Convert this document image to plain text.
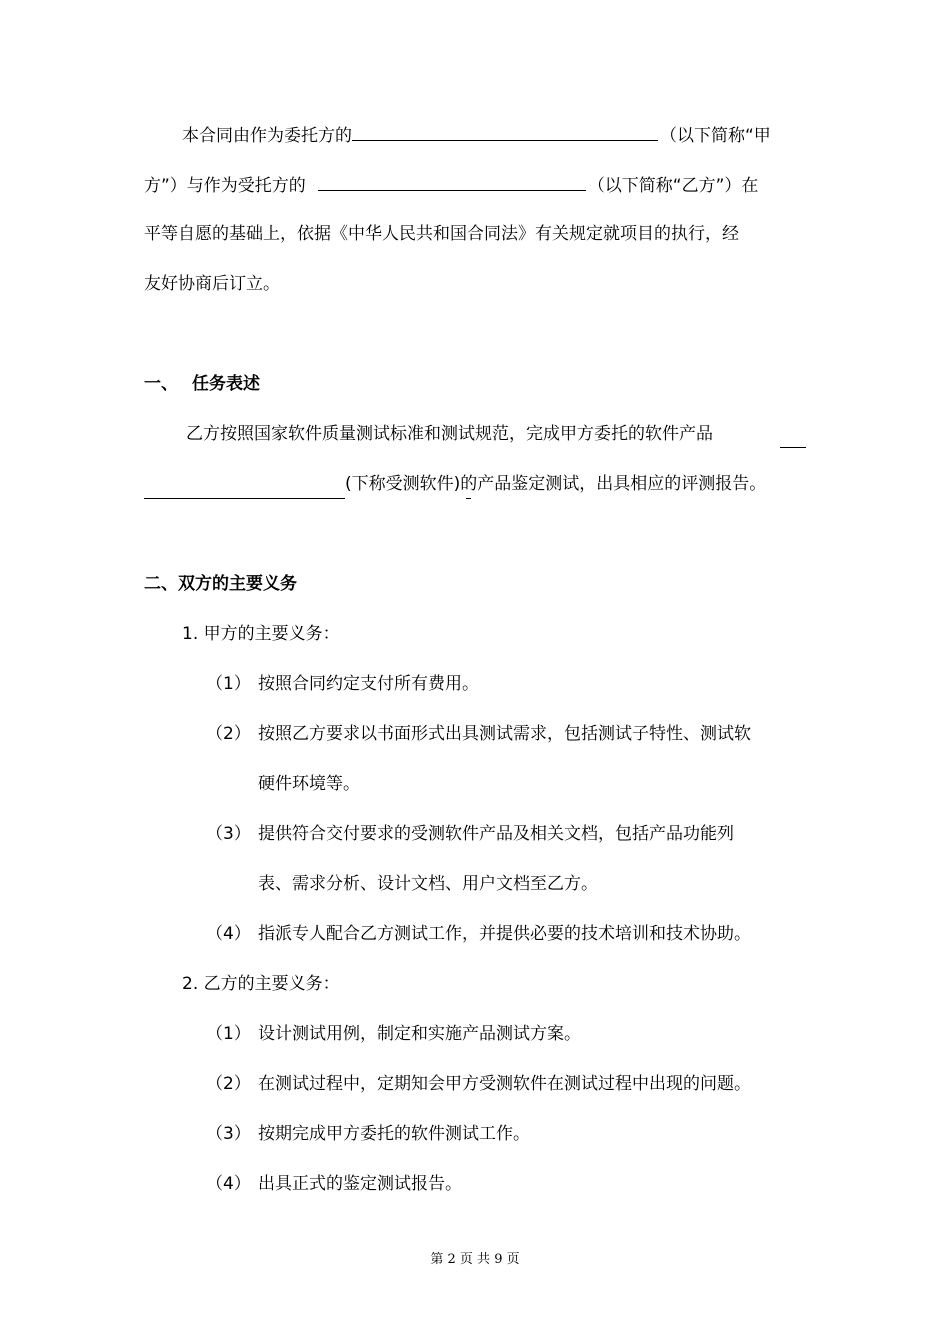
本合同由作为委托方的	（以下简称“甲
方”）与作为受托方的	（以下简称“乙方”）在
平等自愿的基础上，依据《中华人民共和国合同法》有关规定就项目的执行，经
友好协商后订立。
一、 任务表述
乙方按照国家软件质量测试标准和测试规范，完成甲方委托的软件产品
(下称受测软件)的产品鉴定测试，出具相应的评测报告。
二、双方的主要义务
1. 甲方的主要义务：
（1） 按照合同约定支付所有费用。
（2） 按照乙方要求以书面形式出具测试需求，包括测试子特性、测试软
硬件环境等。
（3） 提供符合交付要求的受测软件产品及相关文档，包括产品功能列
表、需求分析、设计文档、用户文档至乙方。
（4） 指派专人配合乙方测试工作，并提供必要的技术培训和技术协助。
2. 乙方的主要义务：
（1） 设计测试用例，制定和实施产品测试方案。
（2） 在测试过程中，定期知会甲方受测软件在测试过程中出现的问题。
（3） 按期完成甲方委托的软件测试工作。
（4） 出具正式的鉴定测试报告。
第 2 页 共 9 页
